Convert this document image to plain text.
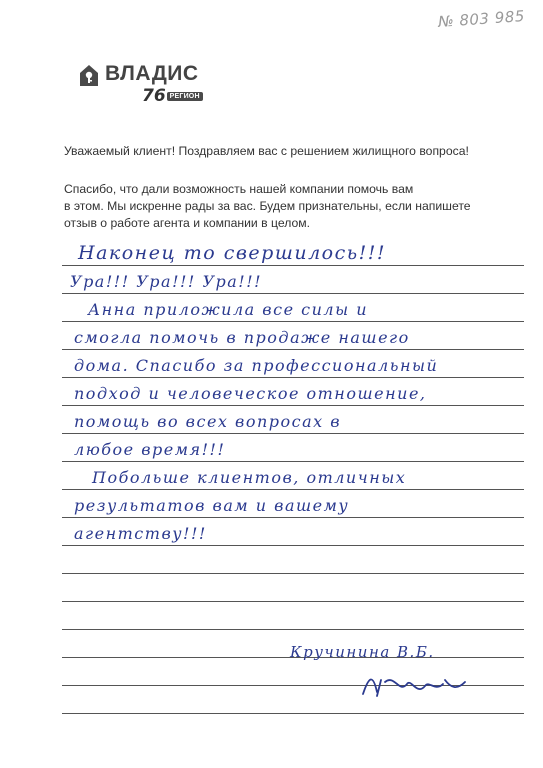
№ 803 985
ВЛАДИС
76 РЕГИОН
Уважаемый клиент! Поздравляем вас с решением жилищного вопроса!
Спасибо, что дали возможность нашей компании помочь вам
в этом. Мы искренне рады за вас. Будем признательны, если напишете
отзыв о работе агента и компании в целом.
Наконец то свершилось!!!
Ура!!! Ура!!! Ура!!!
Анна приложила все силы и
смогла помочь в продаже нашего
дома. Спасибо за профессиональный
подход и человеческое отношение,
помощь во всех вопросах в
любое время!!!
Побольше клиентов, отличных
результатов вам и вашему
агентству!!!
Кручинина В.Б.
